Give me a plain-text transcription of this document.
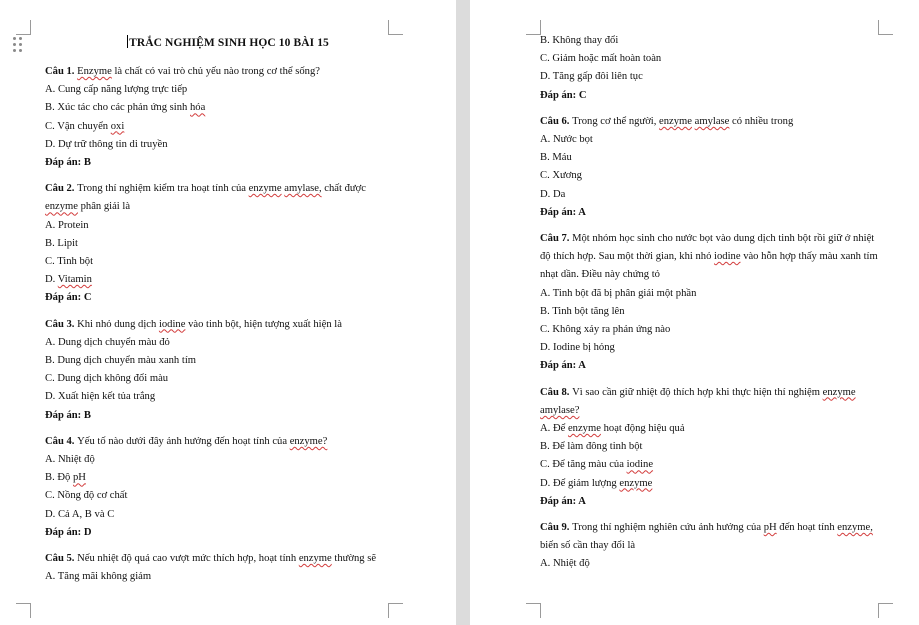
TRẮC NGHIỆM SINH HỌC 10 BÀI 15
Câu 1. Enzyme là chất có vai trò chủ yếu nào trong cơ thể sống?
A. Cung cấp năng lượng trực tiếp
B. Xúc tác cho các phản ứng sinh hóa
C. Vận chuyển oxi
D. Dự trữ thông tin di truyền
Đáp án: B
Câu 2. Trong thí nghiệm kiểm tra hoạt tính của enzyme amylase, chất được enzyme phân giải là
A. Protein
B. Lipit
C. Tinh bột
D. Vitamin
Đáp án: C
Câu 3. Khi nhỏ dung dịch iodine vào tinh bột, hiện tượng xuất hiện là
A. Dung dịch chuyển màu đỏ
B. Dung dịch chuyển màu xanh tím
C. Dung dịch không đổi màu
D. Xuất hiện kết tủa trắng
Đáp án: B
Câu 4. Yếu tố nào dưới đây ảnh hưởng đến hoạt tính của enzyme?
A. Nhiệt độ
B. Độ pH
C. Nồng độ cơ chất
D. Cả A, B và C
Đáp án: D
Câu 5. Nếu nhiệt độ quá cao vượt mức thích hợp, hoạt tính enzyme thường sẽ
A. Tăng mãi không giảm
B. Không thay đổi
C. Giảm hoặc mất hoàn toàn
D. Tăng gấp đôi liên tục
Đáp án: C
Câu 6. Trong cơ thể người, enzyme amylase có nhiều trong
A. Nước bọt
B. Máu
C. Xương
D. Da
Đáp án: A
Câu 7. Một nhóm học sinh cho nước bọt vào dung dịch tinh bột rồi giữ ở nhiệt độ thích hợp. Sau một thời gian, khi nhỏ iodine vào hỗn hợp thấy màu xanh tím nhạt dần. Điều này chứng tỏ
A. Tinh bột đã bị phân giải một phần
B. Tinh bột tăng lên
C. Không xảy ra phản ứng nào
D. Iodine bị hỏng
Đáp án: A
Câu 8. Vì sao cần giữ nhiệt độ thích hợp khi thực hiện thí nghiệm enzyme amylase?
A. Để enzyme hoạt động hiệu quả
B. Để làm đông tinh bột
C. Để tăng màu của iodine
D. Để giảm lượng enzyme
Đáp án: A
Câu 9. Trong thí nghiệm nghiên cứu ảnh hưởng của pH đến hoạt tính enzyme, biến số cần thay đổi là
A. Nhiệt độ
